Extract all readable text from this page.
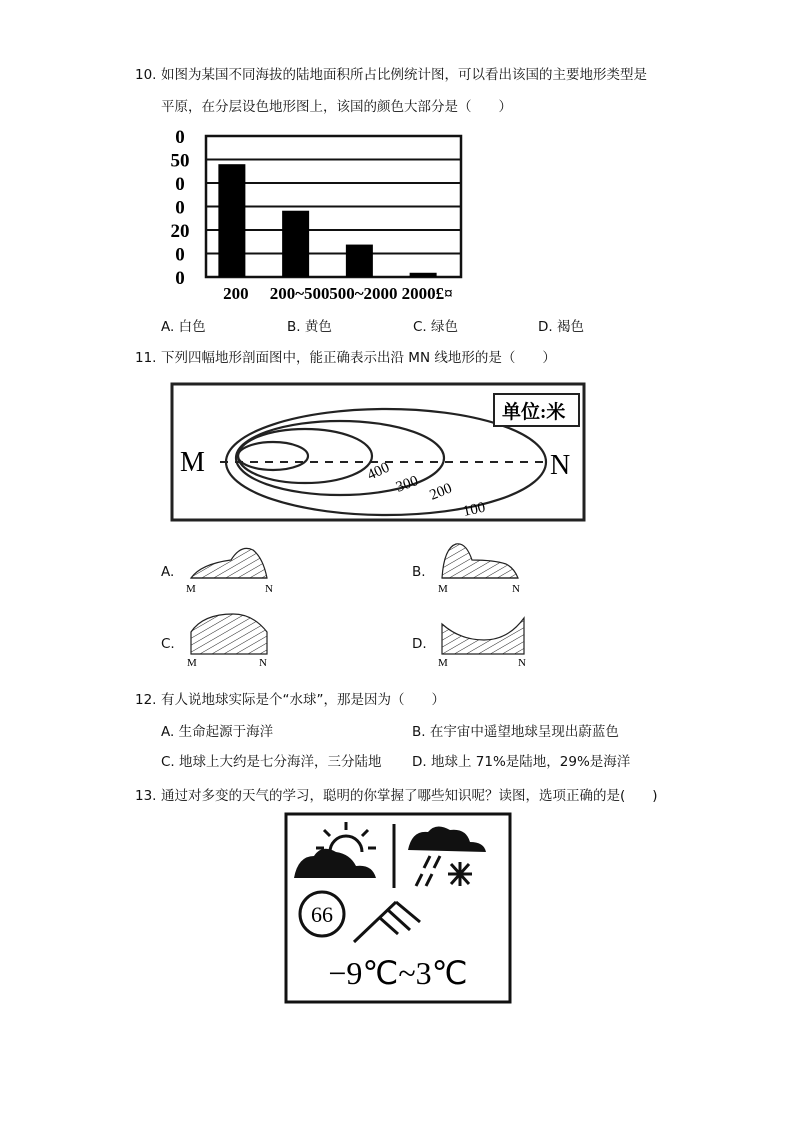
10. 如图为某国不同海拔的陆地面积所占比例统计图，可以看出该国的主要地形类型是
平原，在分层设色地形图上，该国的颜色大部分是（　　）
0
50
0
0
20
0
0
200 200~500 500~2000 2000£¤
A. 白色	B. 黄色	C. 绿色	D. 褐色
11. 下列四幅地形剖面图中，能正确表示出沿 MN 线地形的是（　　）
单位:米
M	N
400
300 200
100
A.
M	N
B.
M	N
C.
M	N
D.
M	N
12. 有人说地球实际是个“水球”，那是因为（　　）
A. 生命起源于海洋	B. 在宇宙中遥望地球呈现出蔚蓝色
C. 地球上大约是七分海洋，三分陆地 D. 地球上 71%是陆地，29%是海洋
13. 通过对多变的天气的学习，聪明的你掌握了哪些知识呢？读图，选项正确的是(　　)
66
−9℃~3℃
